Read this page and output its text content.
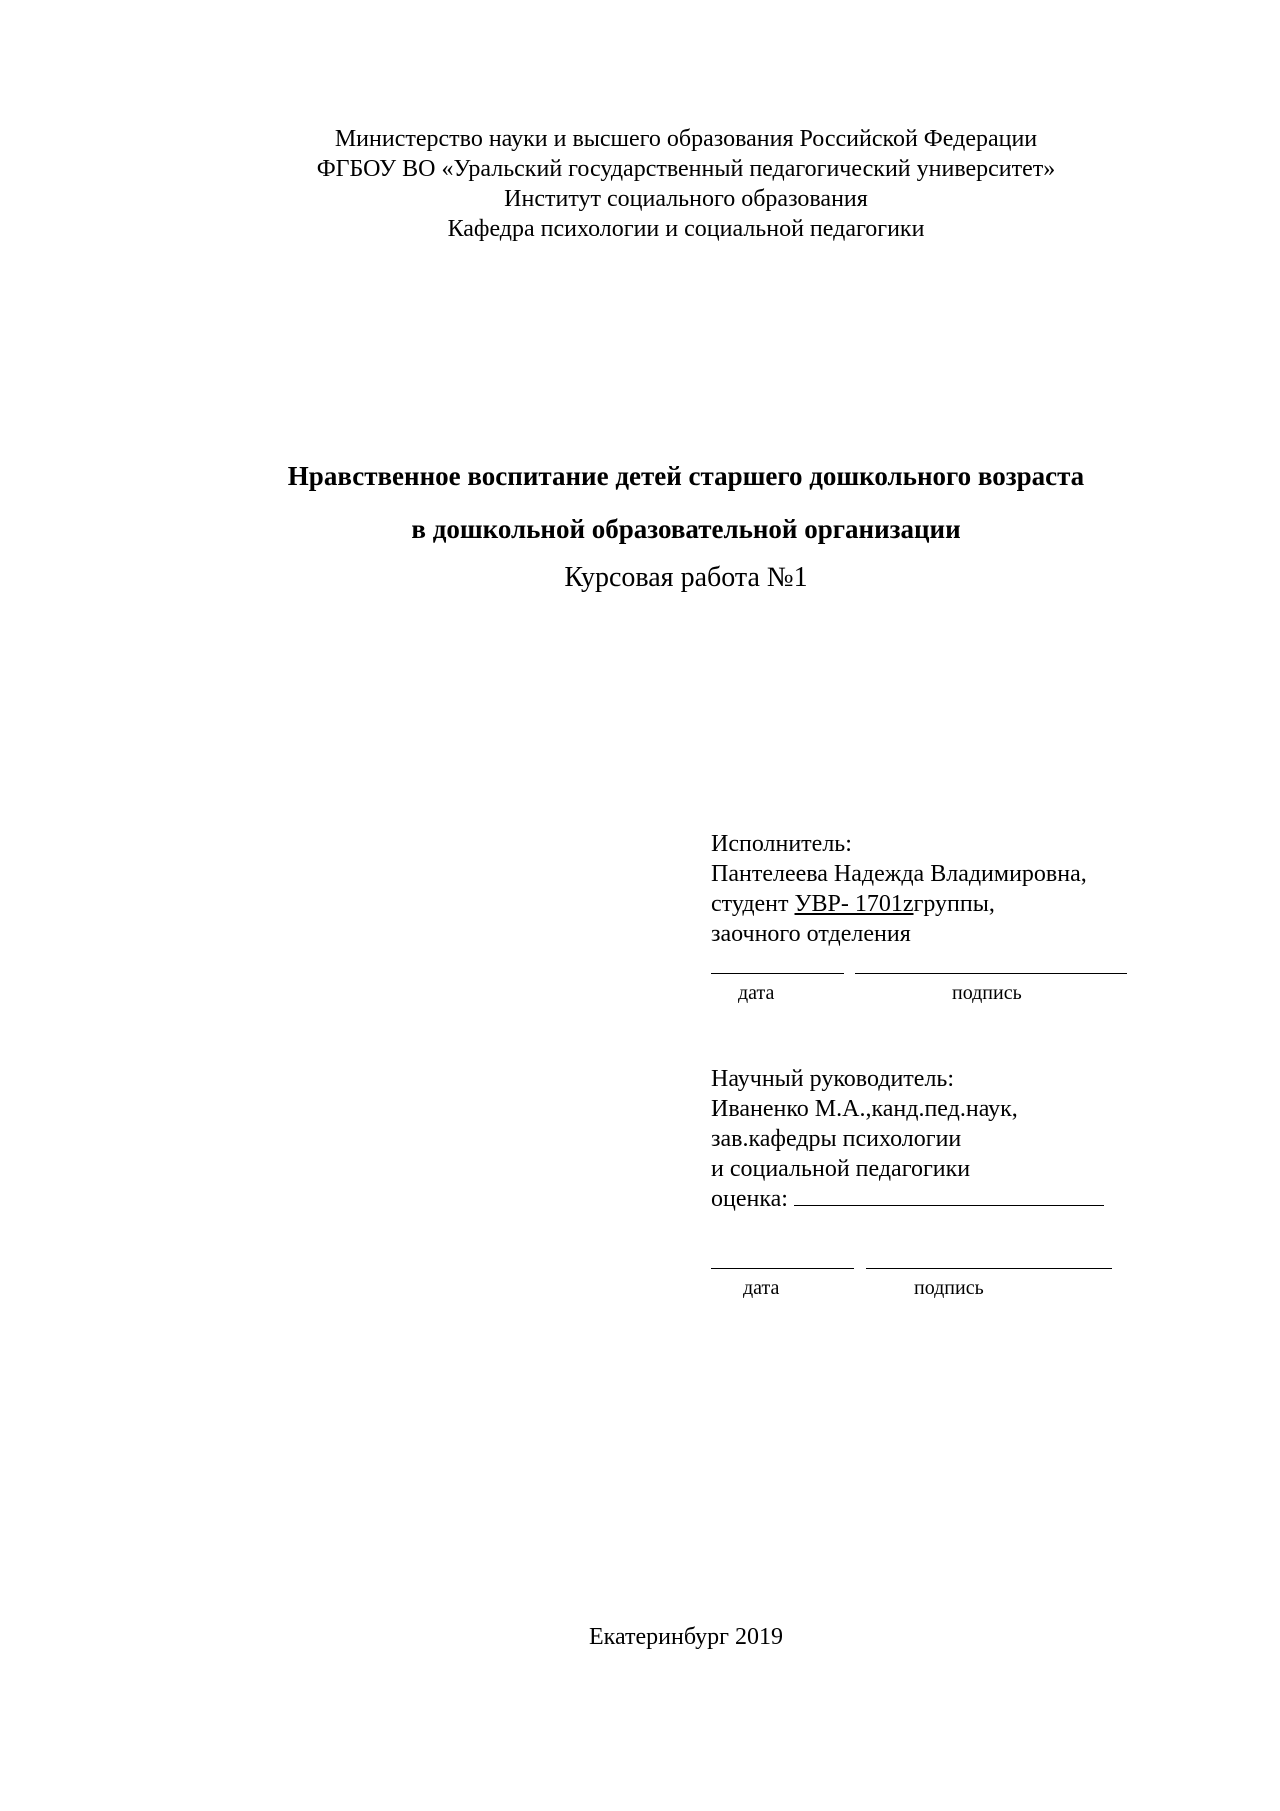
Министерство науки и высшего образования Российской Федерации
ФГБОУ ВО «Уральский государственный педагогический университет»
Институт социального образования
Кафедра психологии и социальной педагогики
Нравственное воспитание детей старшего дошкольного возраста
в дошкольной образовательной организации
Курсовая работа №1
Исполнитель:
Пантелеева Надежда Владимировна,
студент УВР- 1701zгруппы,
заочного отделения
дата	подпись
Научный руководитель:
Иваненко М.А.,канд.пед.наук,
зав.кафедры психологии
и социальной педагогики
оценка:
дата	подпись
Екатеринбург 2019
